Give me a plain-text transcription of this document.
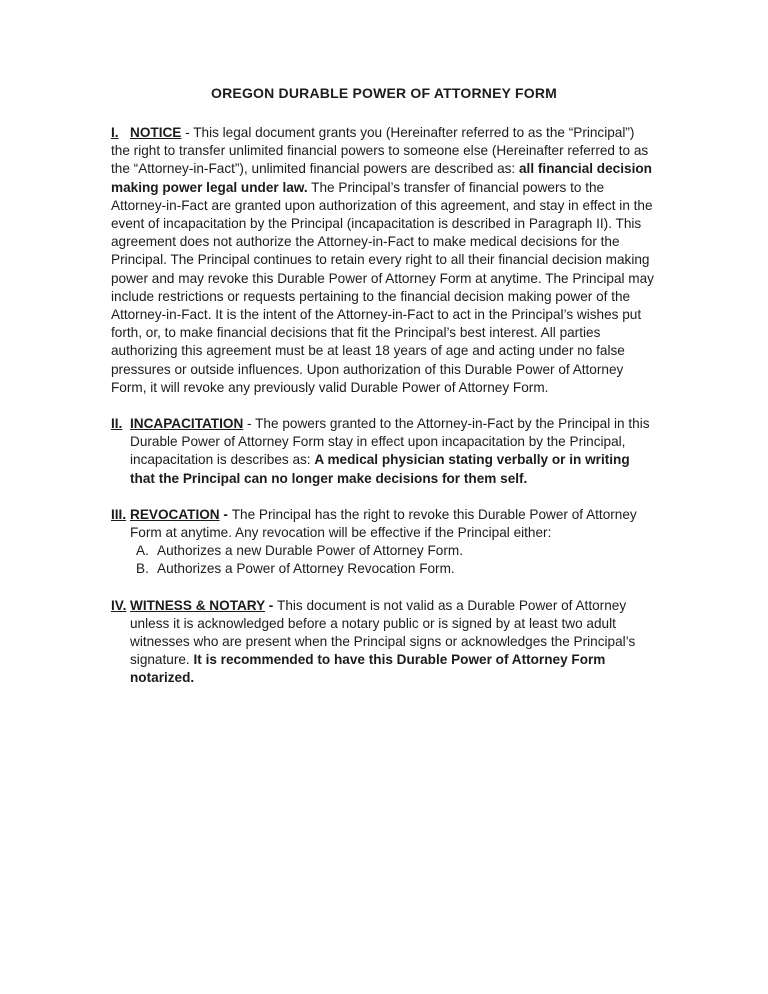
OREGON DURABLE POWER OF ATTORNEY FORM
I. NOTICE - This legal document grants you (Hereinafter referred to as the “Principal”) the right to transfer unlimited financial powers to someone else (Hereinafter referred to as the “Attorney-in-Fact”), unlimited financial powers are described as: all financial decision making power legal under law. The Principal’s transfer of financial powers to the Attorney-in-Fact are granted upon authorization of this agreement, and stay in effect in the event of incapacitation by the Principal (incapacitation is described in Paragraph II). This agreement does not authorize the Attorney-in-Fact to make medical decisions for the Principal. The Principal continues to retain every right to all their financial decision making power and may revoke this Durable Power of Attorney Form at anytime. The Principal may include restrictions or requests pertaining to the financial decision making power of the Attorney-in-Fact. It is the intent of the Attorney-in-Fact to act in the Principal’s wishes put forth, or, to make financial decisions that fit the Principal’s best interest. All parties authorizing this agreement must be at least 18 years of age and acting under no false pressures or outside influences. Upon authorization of this Durable Power of Attorney Form, it will revoke any previously valid Durable Power of Attorney Form.
II. INCAPACITATION - The powers granted to the Attorney-in-Fact by the Principal in this Durable Power of Attorney Form stay in effect upon incapacitation by the Principal, incapacitation is describes as: A medical physician stating verbally or in writing that the Principal can no longer make decisions for them self.
III. REVOCATION - The Principal has the right to revoke this Durable Power of Attorney Form at anytime. Any revocation will be effective if the Principal either:
A. Authorizes a new Durable Power of Attorney Form.
B. Authorizes a Power of Attorney Revocation Form.
IV. WITNESS & NOTARY - This document is not valid as a Durable Power of Attorney unless it is acknowledged before a notary public or is signed by at least two adult witnesses who are present when the Principal signs or acknowledges the Principal’s signature. It is recommended to have this Durable Power of Attorney Form notarized.
